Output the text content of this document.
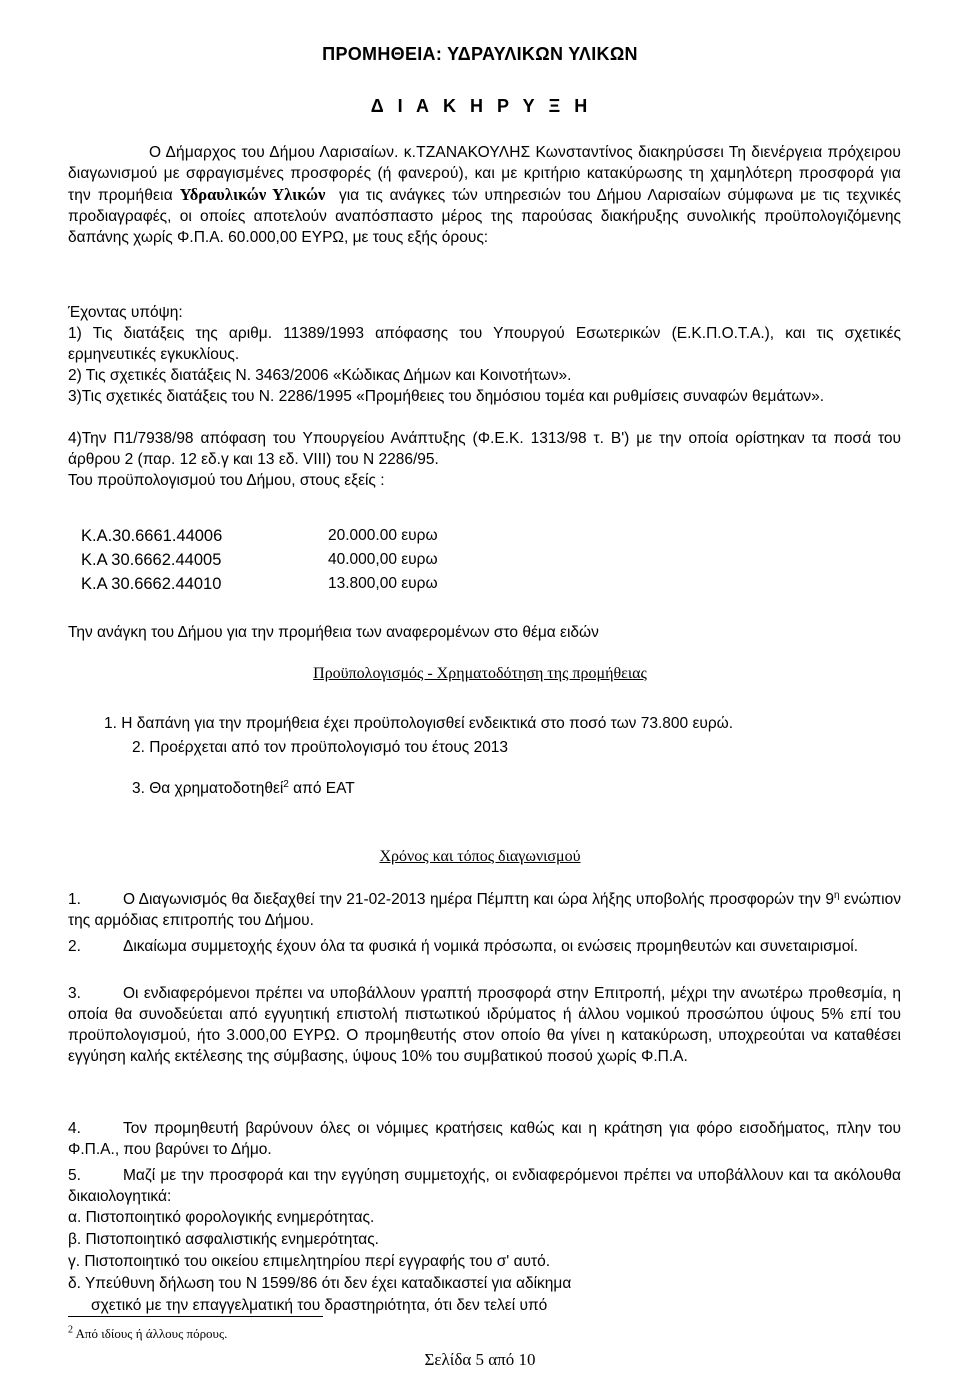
ΠΡΟΜΗΘΕΙΑ: ΥΔΡΑΥΛΙΚΩΝ ΥΛΙΚΩΝ
Δ Ι Α Κ Η Ρ Υ Ξ Η

Ο Δήμαρχος του Δήμου Λαρισαίων. κ.ΤΖΑΝΑΚΟΥΛΗΣ Κωνσταντίνος διακηρύσσει Τη διενέργεια πρόχειρου διαγωνισμού με σφραγισμένες προσφορές (ή φανερού), και με κριτήριο κατακύρωσης τη χαμηλότερη προσφορά για την προμήθεια Υδραυλικών Υλικών για τις ανάγκες τών υπηρεσιών του Δήμου Λαρισαίων σύμφωνα με τις τεχνικές προδιαγραφές, οι οποίες αποτελούν αναπόσπαστο μέρος της παρούσας διακήρυξης συνολικής προϋπολογιζόμενης δαπάνης χωρίς Φ.Π.Α. 60.000,00 ΕΥΡΩ, με τους εξής όρους:

Έχοντας υπόψη:

1) Τις διατάξεις της αριθμ. 11389/1993 απόφασης του Υπουργού Εσωτερικών (Ε.Κ.Π.Ο.Τ.Α.), και τις σχετικές ερμηνευτικές εγκυκλίους.

2) Τις σχετικές διατάξεις Ν. 3463/2006 «Κώδικας Δήμων και Κοινοτήτων».

3)Τις σχετικές διατάξεις του Ν. 2286/1995 «Προμήθειες του δημόσιου τομέα και ρυθμίσεις συναφών θεμάτων».

4)Την Π1/7938/98 απόφαση του Υπουργείου Ανάπτυξης (Φ.Ε.Κ. 1313/98 τ. Β') με την οποία ορίστηκαν τα ποσά του άρθρου 2 (παρ. 12 εδ.γ και 13 εδ. VIII) του Ν 2286/95.

Του προϋπολογισμού του Δήμου, στους εξείς :
Κ.Α.30.6661.44006	20.000.00 ευρω
Κ.Α 30.6662.44005	40.000,00 ευρω
Κ.Α 30.6662.44010	13.800,00 ευρω
Την ανάγκη του Δήμου για την προμήθεια των αναφερομένων στο θέμα ειδών
Προϋπολογισμός - Χρηματοδότηση της προμήθειας
1. Η δαπάνη για την προμήθεια έχει προϋπολογισθεί ενδεικτικά στο ποσό των 73.800 ευρώ.
2. Προέρχεται από τον προϋπολογισμό του έτους 2013
3. Θα χρηματοδοτηθεί$^2$ από ΕΑΤ
Χρόνος και τόπος διαγωνισμού

1.	Ο Διαγωνισμός θα διεξαχθεί την 21-02-2013 ημέρα Πέμπτη και ώρα λήξης υποβολής προσφορών την $9^\eta$ ενώπιον της αρμόδιας επιτροπής του Δήμου.

2.	Δικαίωμα συμμετοχής έχουν όλα τα φυσικά ή νομικά πρόσωπα, οι ενώσεις προμηθευτών και συνεταιρισμοί.

3.	Οι ενδιαφερόμενοι πρέπει να υποβάλλουν γραπτή προσφορά στην Επιτροπή, μέχρι την ανωτέρω προθεσμία, η οποία θα συνοδεύεται από εγγυητική επιστολή πιστωτικού ιδρύματος ή άλλου νομικού προσώπου ύψους 5% επί του προϋπολογισμού, ήτο 3.000,00 ΕΥΡΩ. Ο προμηθευτής στον οποίο θα γίνει η κατακύρωση, υποχρεούται να καταθέσει εγγύηση καλής εκτέλεσης της σύμβασης, ύψους 10% του συμβατικού ποσού χωρίς Φ.Π.Α.

4.	Τον προμηθευτή βαρύνουν όλες οι νόμιμες κρατήσεις καθώς και η κράτηση για φόρο εισοδήματος, πλην του Φ.Π.Α., που βαρύνει το Δήμο.

5.	Μαζί με την προσφορά και την εγγύηση συμμετοχής, οι ενδιαφερόμενοι πρέπει να υποβάλλουν και τα ακόλουθα δικαιολογητικά:

α. Πιστοποιητικό φορολογικής ενημερότητας.
β. Πιστοποιητικό ασφαλιστικής ενημερότητας.
γ. Πιστοποιητικό του οικείου επιμελητηρίου περί εγγραφής του σ' αυτό.
δ. Υπεύθυνη δήλωση του Ν 1599/86 ότι δεν έχει καταδικαστεί για αδίκημα
σχετικό με την επαγγελματική του δραστηριότητα, ότι δεν τελεί υπό
$^2$ Από ιδίους ή άλλους πόρους.
Σελίδα 5 από 10
